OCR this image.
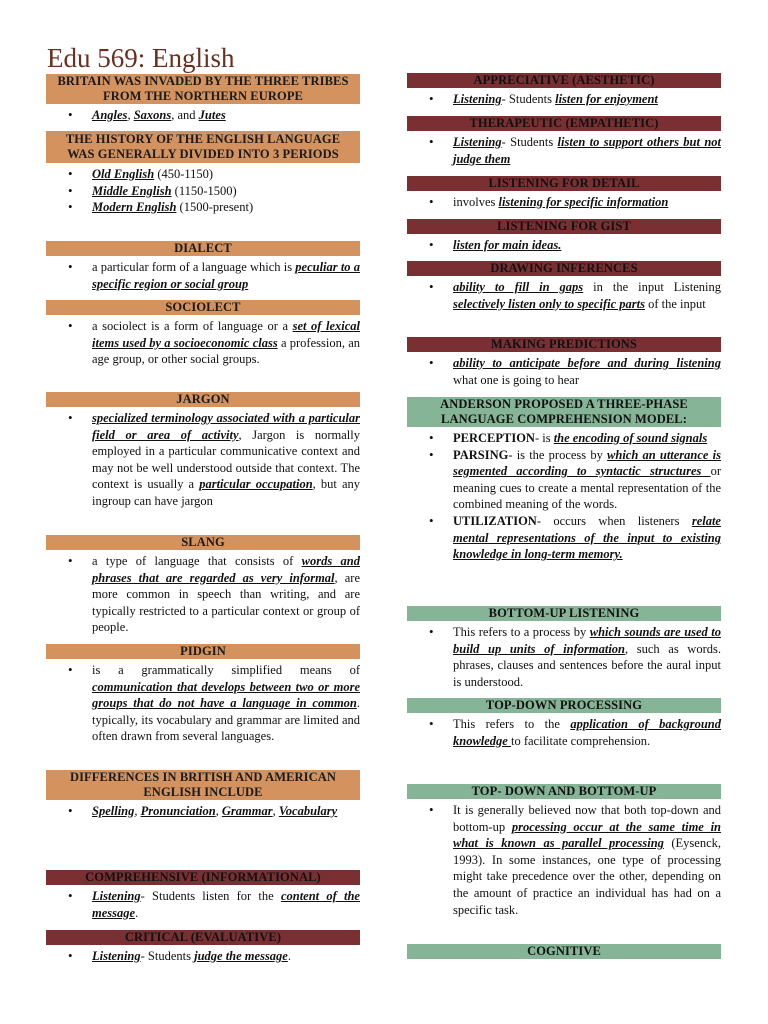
Edu 569: English
BRITAIN WAS INVADED BY THE THREE TRIBES FROM THE NORTHERN EUROPE
• Angles, Saxons, and Jutes
THE HISTORY OF THE ENGLISH LANGUAGE WAS GENERALLY DIVIDED INTO 3 PERIODS
• Old English (450-1150)
• Middle English (1150-1500)
• Modern English (1500-present)
DIALECT
• a particular form of a language which is peculiar to a specific region or social group
SOCIOLECT
• a sociolect is a form of language or a set of lexical items used by a socioeconomic class a profession, an age group, or other social groups.
JARGON
• specialized terminology associated with a particular field or area of activity, Jargon is normally employed in a particular communicative context and may not be well understood outside that context. The context is usually a particular occupation, but any ingroup can have jargon
SLANG
• a type of language that consists of words and phrases that are regarded as very informal, are more common in speech than writing, and are typically restricted to a particular context or group of people.
PIDGIN
• is a grammatically simplified means of communication that develops between two or more groups that do not have a language in common. typically, its vocabulary and grammar are limited and often drawn from several languages.
DIFFERENCES IN BRITISH AND AMERICAN ENGLISH INCLUDE
• Spelling, Pronunciation, Grammar, Vocabulary
COMPREHENSIVE (INFORMATIONAL)
• Listening- Students listen for the content of the message.
CRITICAL (EVALUATIVE)
• Listening- Students judge the message.
APPRECIATIVE (AESTHETIC)
• Listening- Students listen for enjoyment
THERAPEUTIC (EMPATHETIC)
• Listening- Students listen to support others but not judge them
LISTENING FOR DETAIL
• involves listening for specific information
LISTENING FOR GIST
• listen for main ideas.
DRAWING INFERENCES
• ability to fill in gaps in the input Listening selectively listen only to specific parts of the input
MAKING PREDICTIONS
• ability to anticipate before and during listening what one is going to hear
ANDERSON PROPOSED A THREE-PHASE LANGUAGE COMPREHENSION MODEL:
• PERCEPTION- is the encoding of sound signals
• PARSING- is the process by which an utterance is segmented according to syntactic structures or meaning cues to create a mental representation of the combined meaning of the words.
• UTILIZATION- occurs when listeners relate mental representations of the input to existing knowledge in long-term memory.
BOTTOM-UP LISTENING
• This refers to a process by which sounds are used to build up units of information, such as words. phrases, clauses and sentences before the aural input is understood.
TOP-DOWN PROCESSING
• This refers to the application of background knowledge to facilitate comprehension.
TOP- DOWN AND BOTTOM-UP
• It is generally believed now that both top-down and bottom-up processing occur at the same time in what is known as parallel processing (Eysenck, 1993). In some instances, one type of processing might take precedence over the other, depending on the amount of practice an individual has had on a specific task.
COGNITIVE
